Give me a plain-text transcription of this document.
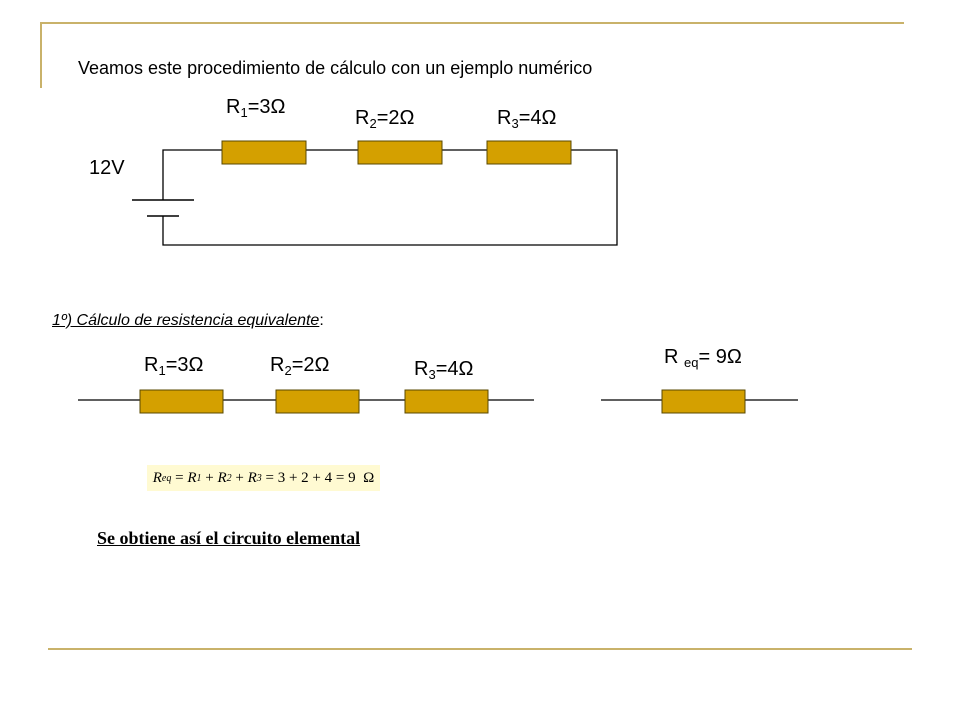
Veamos este procedimiento de cálculo con un ejemplo numérico
$R_1=3\Omega$	$R_2=2\Omega$	$R_3=4\Omega$
12V
1º) Cálculo de resistencia equivalente:
$R_1=3\Omega$	$R_2=2\Omega$	$R_3=4\Omega$
R $_{eq}$= 9Ω
R eq = R 1 + R 2 + R 3 = 3 + 2 + 4 = 9  Ω
Se obtiene así el circuito elemental
